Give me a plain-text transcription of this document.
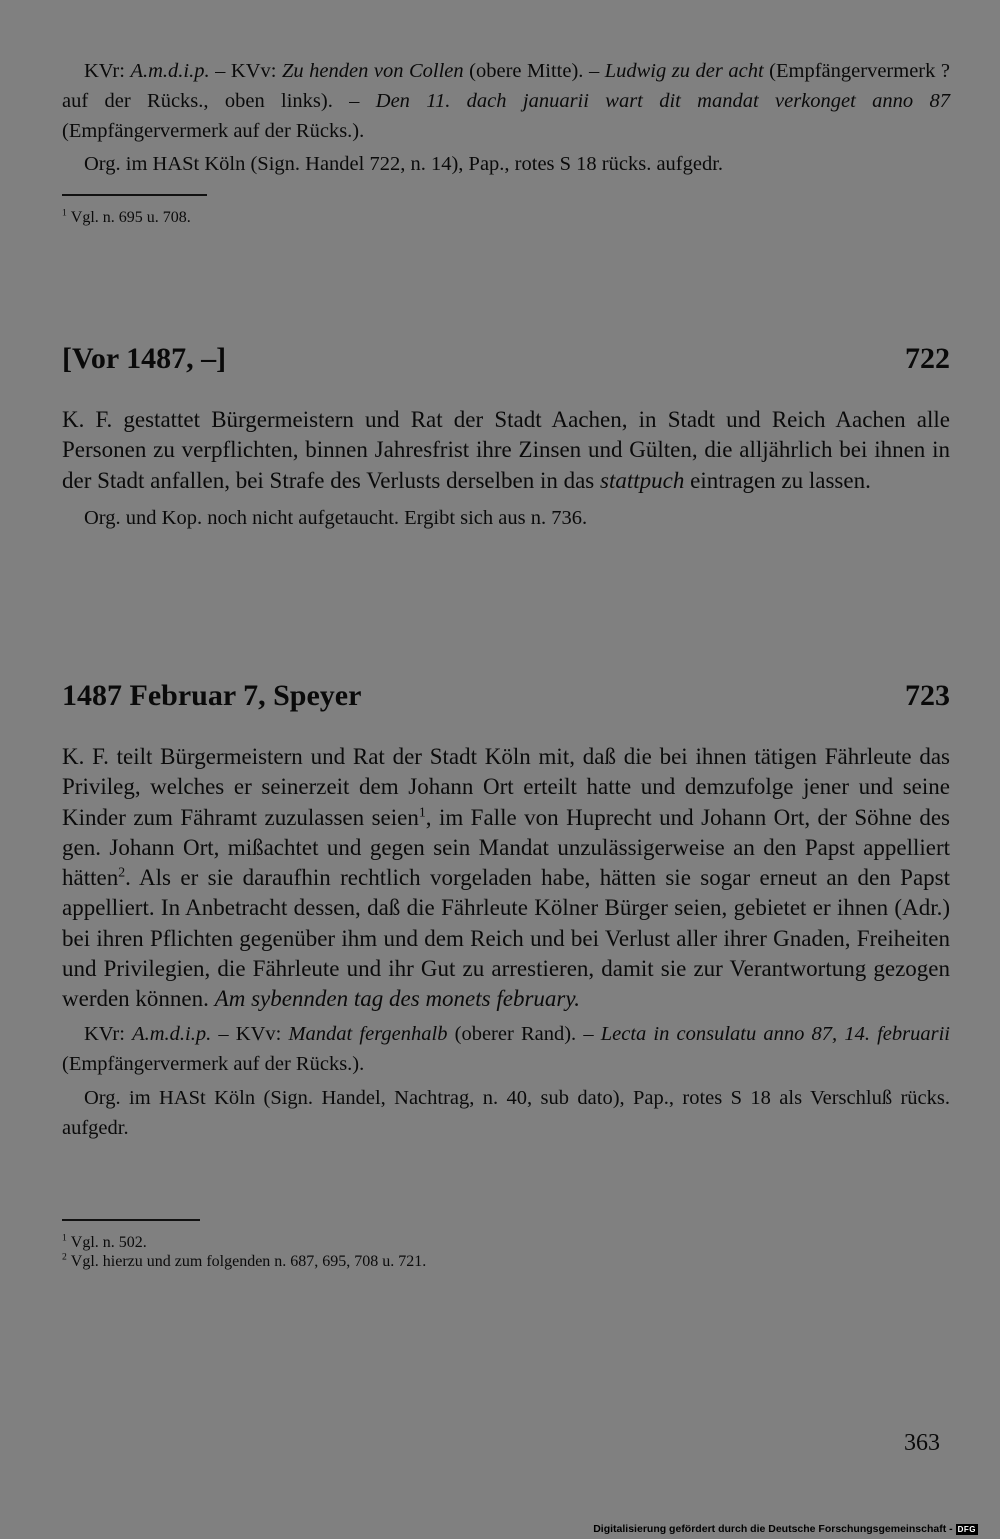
KVr: A.m.d.i.p. – KVv: Zu henden von Collen (obere Mitte). – Ludwig zu der acht (Empfängervermerk ? auf der Rücks., oben links). – Den 11. dach januarii wart dit mandat verkonget anno 87 (Empfängervermerk auf der Rücks.).

Org. im HASt Köln (Sign. Handel 722, n. 14), Pap., rotes S 18 rücks. aufgedr.

$^1$ Vgl. n. 695 u. 708.
[Vor 1487, –]	722

K. F. gestattet Bürgermeistern und Rat der Stadt Aachen, in Stadt und Reich Aachen alle Personen zu verpflichten, binnen Jahresfrist ihre Zinsen und Gülten, die alljährlich bei ihnen in der Stadt anfallen, bei Strafe des Verlusts derselben in das stattpuch eintragen zu lassen.

Org. und Kop. noch nicht aufgetaucht. Ergibt sich aus n. 736.

1487 Februar 7, Speyer	723

K. F. teilt Bürgermeistern und Rat der Stadt Köln mit, daß die bei ihnen tätigen Fährleute das Privileg, welches er seinerzeit dem Johann Ort erteilt hatte und demzufolge jener und seine Kinder zum Fähramt zuzulassen seien$^1$, im Falle von Huprecht und Johann Ort, der Söhne des gen. Johann Ort, mißachtet und gegen sein Mandat unzulässigerweise an den Papst appelliert hätten$^2$. Als er sie daraufhin rechtlich vorgeladen habe, hätten sie sogar erneut an den Papst appelliert. In Anbetracht dessen, daß die Fährleute Kölner Bürger seien, gebietet er ihnen (Adr.) bei ihren Pflichten gegenüber ihm und dem Reich und bei Verlust aller ihrer Gnaden, Freiheiten und Privilegien, die Fährleute und ihr Gut zu arrestieren, damit sie zur Verantwortung gezogen werden können. Am sybennden tag des monets february.

KVr: A.m.d.i.p. – KVv: Mandat fergenhalb (oberer Rand). – Lecta in consulatu anno 87, 14. februarii (Empfängervermerk auf der Rücks.).

Org. im HASt Köln (Sign. Handel, Nachtrag, n. 40, sub dato), Pap., rotes S 18 als Verschluß rücks. aufgedr.

$^1$ Vgl. n. 502.
$^2$ Vgl. hierzu und zum folgenden n. 687, 695, 708 u. 721.
363
Digitalisierung gefördert durch die Deutsche Forschungsgemeinschaft - DFG
